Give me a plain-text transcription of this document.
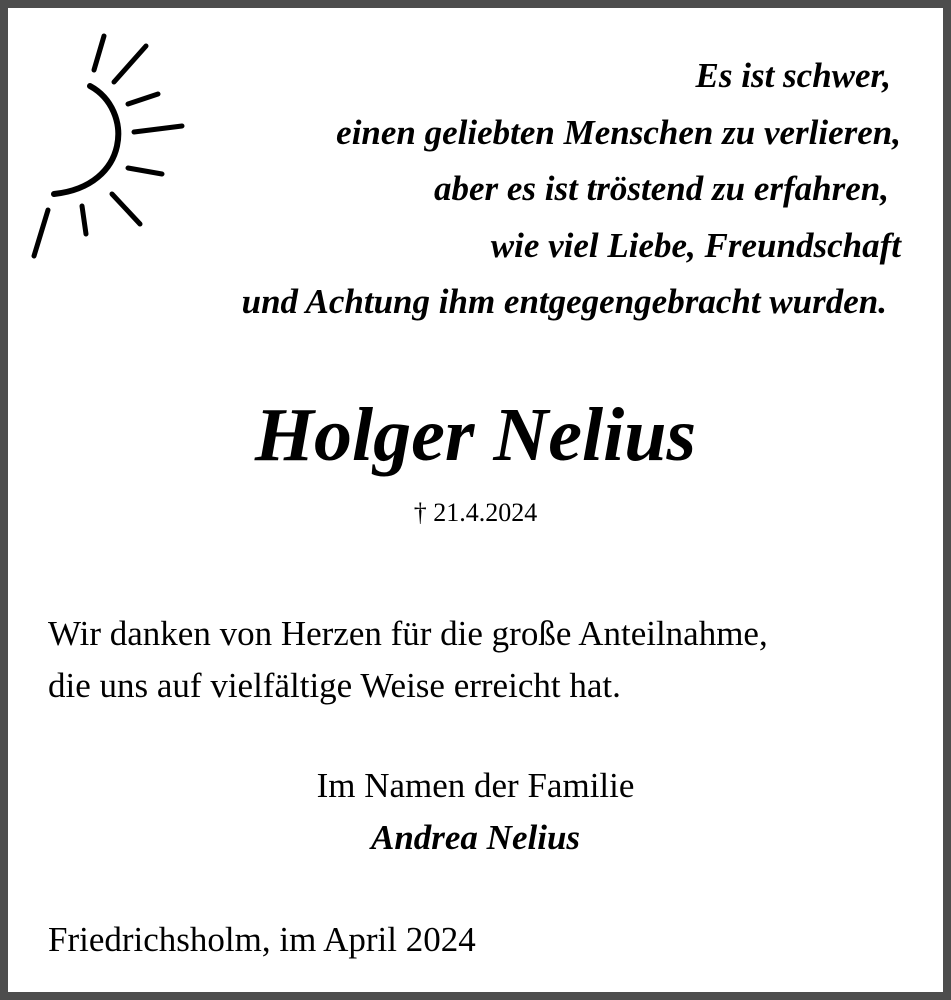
Es ist schwer,
einen geliebten Menschen zu verlieren,
aber es ist tröstend zu erfahren,
wie viel Liebe, Freundschaft
und Achtung ihm entgegengebracht wurden.
Holger Nelius
† 21.4.2024
Wir danken von Herzen für die große Anteilnahme,
die uns auf vielfältige Weise erreicht hat.
Im Namen der Familie
Andrea Nelius
Friedrichsholm, im April 2024
